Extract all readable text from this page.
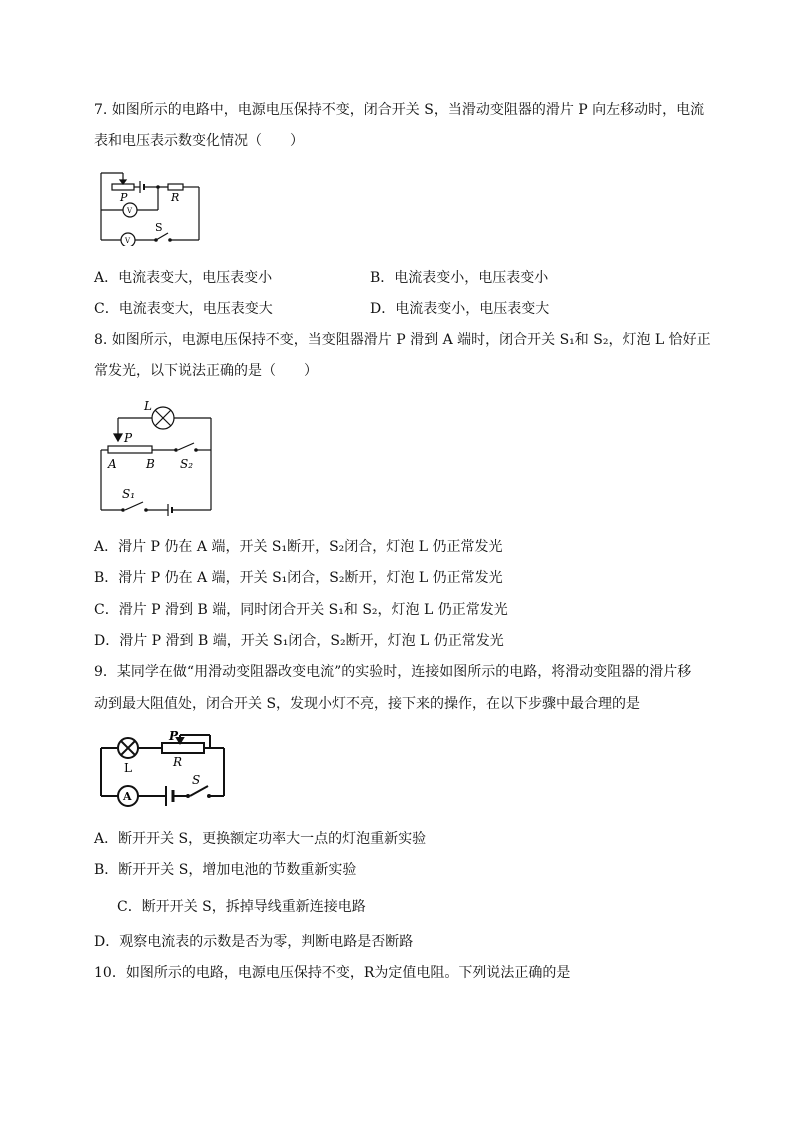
7. 如图所示的电路中，电源电压保持不变，闭合开关 S，当滑动变阻器的滑片 P 向左移动时，电流
表和电压表示数变化情况（　　）
P	R
S
V
V
A．电流表变大，电压表变小	B．电流表变小，电压表变小
C．电流表变大，电压表变大	D．电流表变小，电压表变大
8. 如图所示，电源电压保持不变，当变阻器滑片 P 滑到 A 端时，闭合开关 S₁和 S₂，灯泡 L 恰好正
常发光，以下说法正确的是（　　）
L
P
A B S₂
S₁
A．滑片 P 仍在 A 端，开关 S₁断开，S₂闭合，灯泡 L 仍正常发光
B．滑片 P 仍在 A 端，开关 S₁闭合，S₂断开，灯泡 L 仍正常发光
C．滑片 P 滑到 B 端，同时闭合开关 S₁和 S₂，灯泡 L 仍正常发光
D．滑片 P 滑到 B 端，开关 S₁闭合，S₂断开，灯泡 L 仍正常发光
9．某同学在做“用滑动变阻器改变电流”的实验时，连接如图所示的电路，将滑动变阻器的滑片移
动到最大阻值处，闭合开关 S，发现小灯不亮，接下来的操作，在以下步骤中最合理的是
P
L	R
S
A
A．断开开关 S，更换额定功率大一点的灯泡重新实验
B．断开开关 S，增加电池的节数重新实验
C．断开开关 S，拆掉导线重新连接电路
D．观察电流表的示数是否为零，判断电路是否断路
10．如图所示的电路，电源电压保持不变，R为定值电阻。下列说法正确的是
